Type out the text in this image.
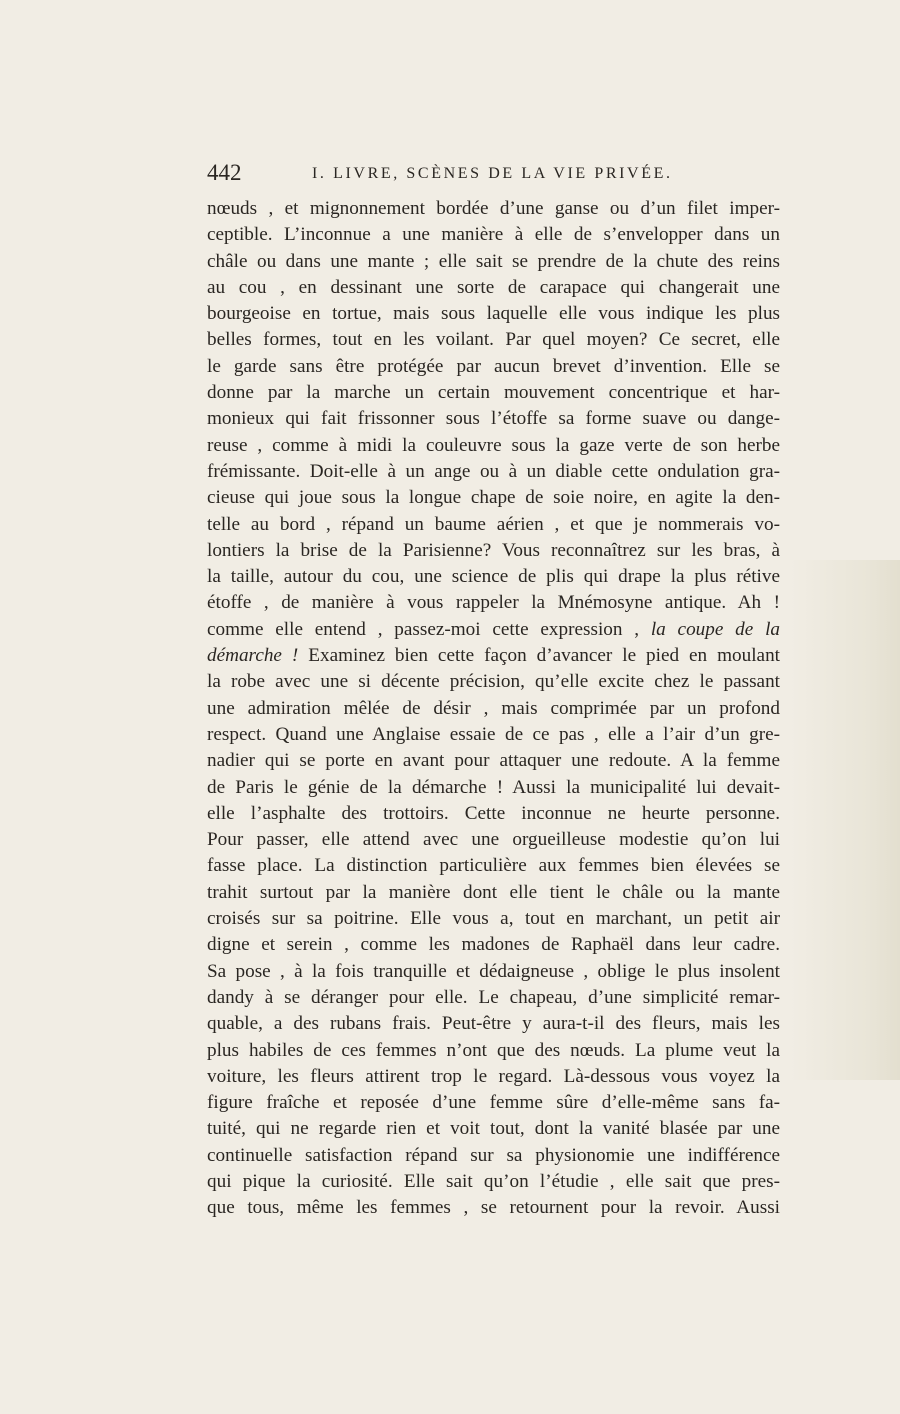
442	I. LIVRE, SCÈNES DE LA VIE PRIVÉE.
nœuds , et mignonnement bordée d’une ganse ou d’un filet imper-
ceptible. L’inconnue a une manière à elle de s’envelopper dans un
châle ou dans une mante ; elle sait se prendre de la chute des reins
au cou , en dessinant une sorte de carapace qui changerait une
bourgeoise en tortue, mais sous laquelle elle vous indique les plus
belles formes, tout en les voilant. Par quel moyen? Ce secret, elle
le garde sans être protégée par aucun brevet d’invention. Elle se
donne par la marche un certain mouvement concentrique et har-
monieux qui fait frissonner sous l’étoffe sa forme suave ou dange-
reuse , comme à midi la couleuvre sous la gaze verte de son herbe
frémissante. Doit-elle à un ange ou à un diable cette ondulation gra-
cieuse qui joue sous la longue chape de soie noire, en agite la den-
telle au bord , répand un baume aérien , et que je nommerais vo-
lontiers la brise de la Parisienne? Vous reconnaîtrez sur les bras, à
la taille, autour du cou, une science de plis qui drape la plus rétive
étoffe , de manière à vous rappeler la Mnémosyne antique. Ah !
comme elle entend , passez-moi cette expression , la coupe de la
démarche ! Examinez bien cette façon d’avancer le pied en moulant
la robe avec une si décente précision, qu’elle excite chez le passant
une admiration mêlée de désir , mais comprimée par un profond
respect. Quand une Anglaise essaie de ce pas , elle a l’air d’un gre-
nadier qui se porte en avant pour attaquer une redoute. A la femme
de Paris le génie de la démarche ! Aussi la municipalité lui devait-
elle l’asphalte des trottoirs. Cette inconnue ne heurte personne.
Pour passer, elle attend avec une orgueilleuse modestie qu’on lui
fasse place. La distinction particulière aux femmes bien élevées se
trahit surtout par la manière dont elle tient le châle ou la mante
croisés sur sa poitrine. Elle vous a, tout en marchant, un petit air
digne et serein , comme les madones de Raphaël dans leur cadre.
Sa pose , à la fois tranquille et dédaigneuse , oblige le plus insolent
dandy à se déranger pour elle. Le chapeau, d’une simplicité remar-
quable, a des rubans frais. Peut-être y aura-t-il des fleurs, mais les
plus habiles de ces femmes n’ont que des nœuds. La plume veut la
voiture, les fleurs attirent trop le regard. Là-dessous vous voyez la
figure fraîche et reposée d’une femme sûre d’elle-même sans fa-
tuité, qui ne regarde rien et voit tout, dont la vanité blasée par une
continuelle satisfaction répand sur sa physionomie une indifférence
qui pique la curiosité. Elle sait qu’on l’étudie , elle sait que pres-
que tous, même les femmes , se retournent pour la revoir. Aussi
